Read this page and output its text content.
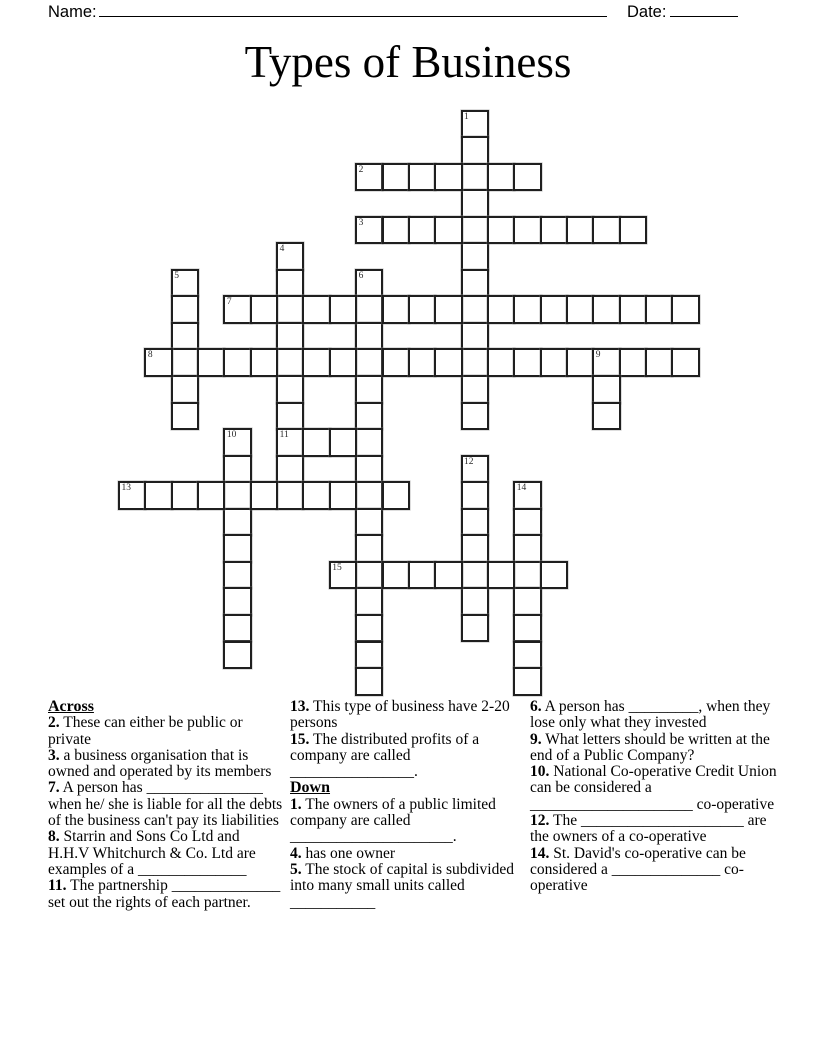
Name:	Date:
Types of Business
1
2
3
4
11
5	6
7
8	9
10
12
13	14
15

Across

2. These can either be public or private

3. a business organisation that is owned and operated by its members

7. A person has _______________ when he/ she is liable for all the debts of the business can't pay its liabilities

8. Starrin and Sons Co Ltd and H.H.V Whitchurch & Co. Ltd are examples of a ______________

11. The partnership ______________ set out the rights of each partner.

13. This type of business have 2-20 persons

15. The distributed profits of a company are called ________________.

Down

1. The owners of a public limited company are called _____________________.

4. has one owner

5. The stock of capital is subdivided into many small units called ___________

6. A person has _________, when they lose only what they invested

9. What letters should be written at the end of a Public Company?

10. National Co-operative Credit Union can be considered a _____________________ co-operative

12. The _____________________ are the owners of a co-operative

14. St. David's co-operative can be considered a ______________ co-operative
